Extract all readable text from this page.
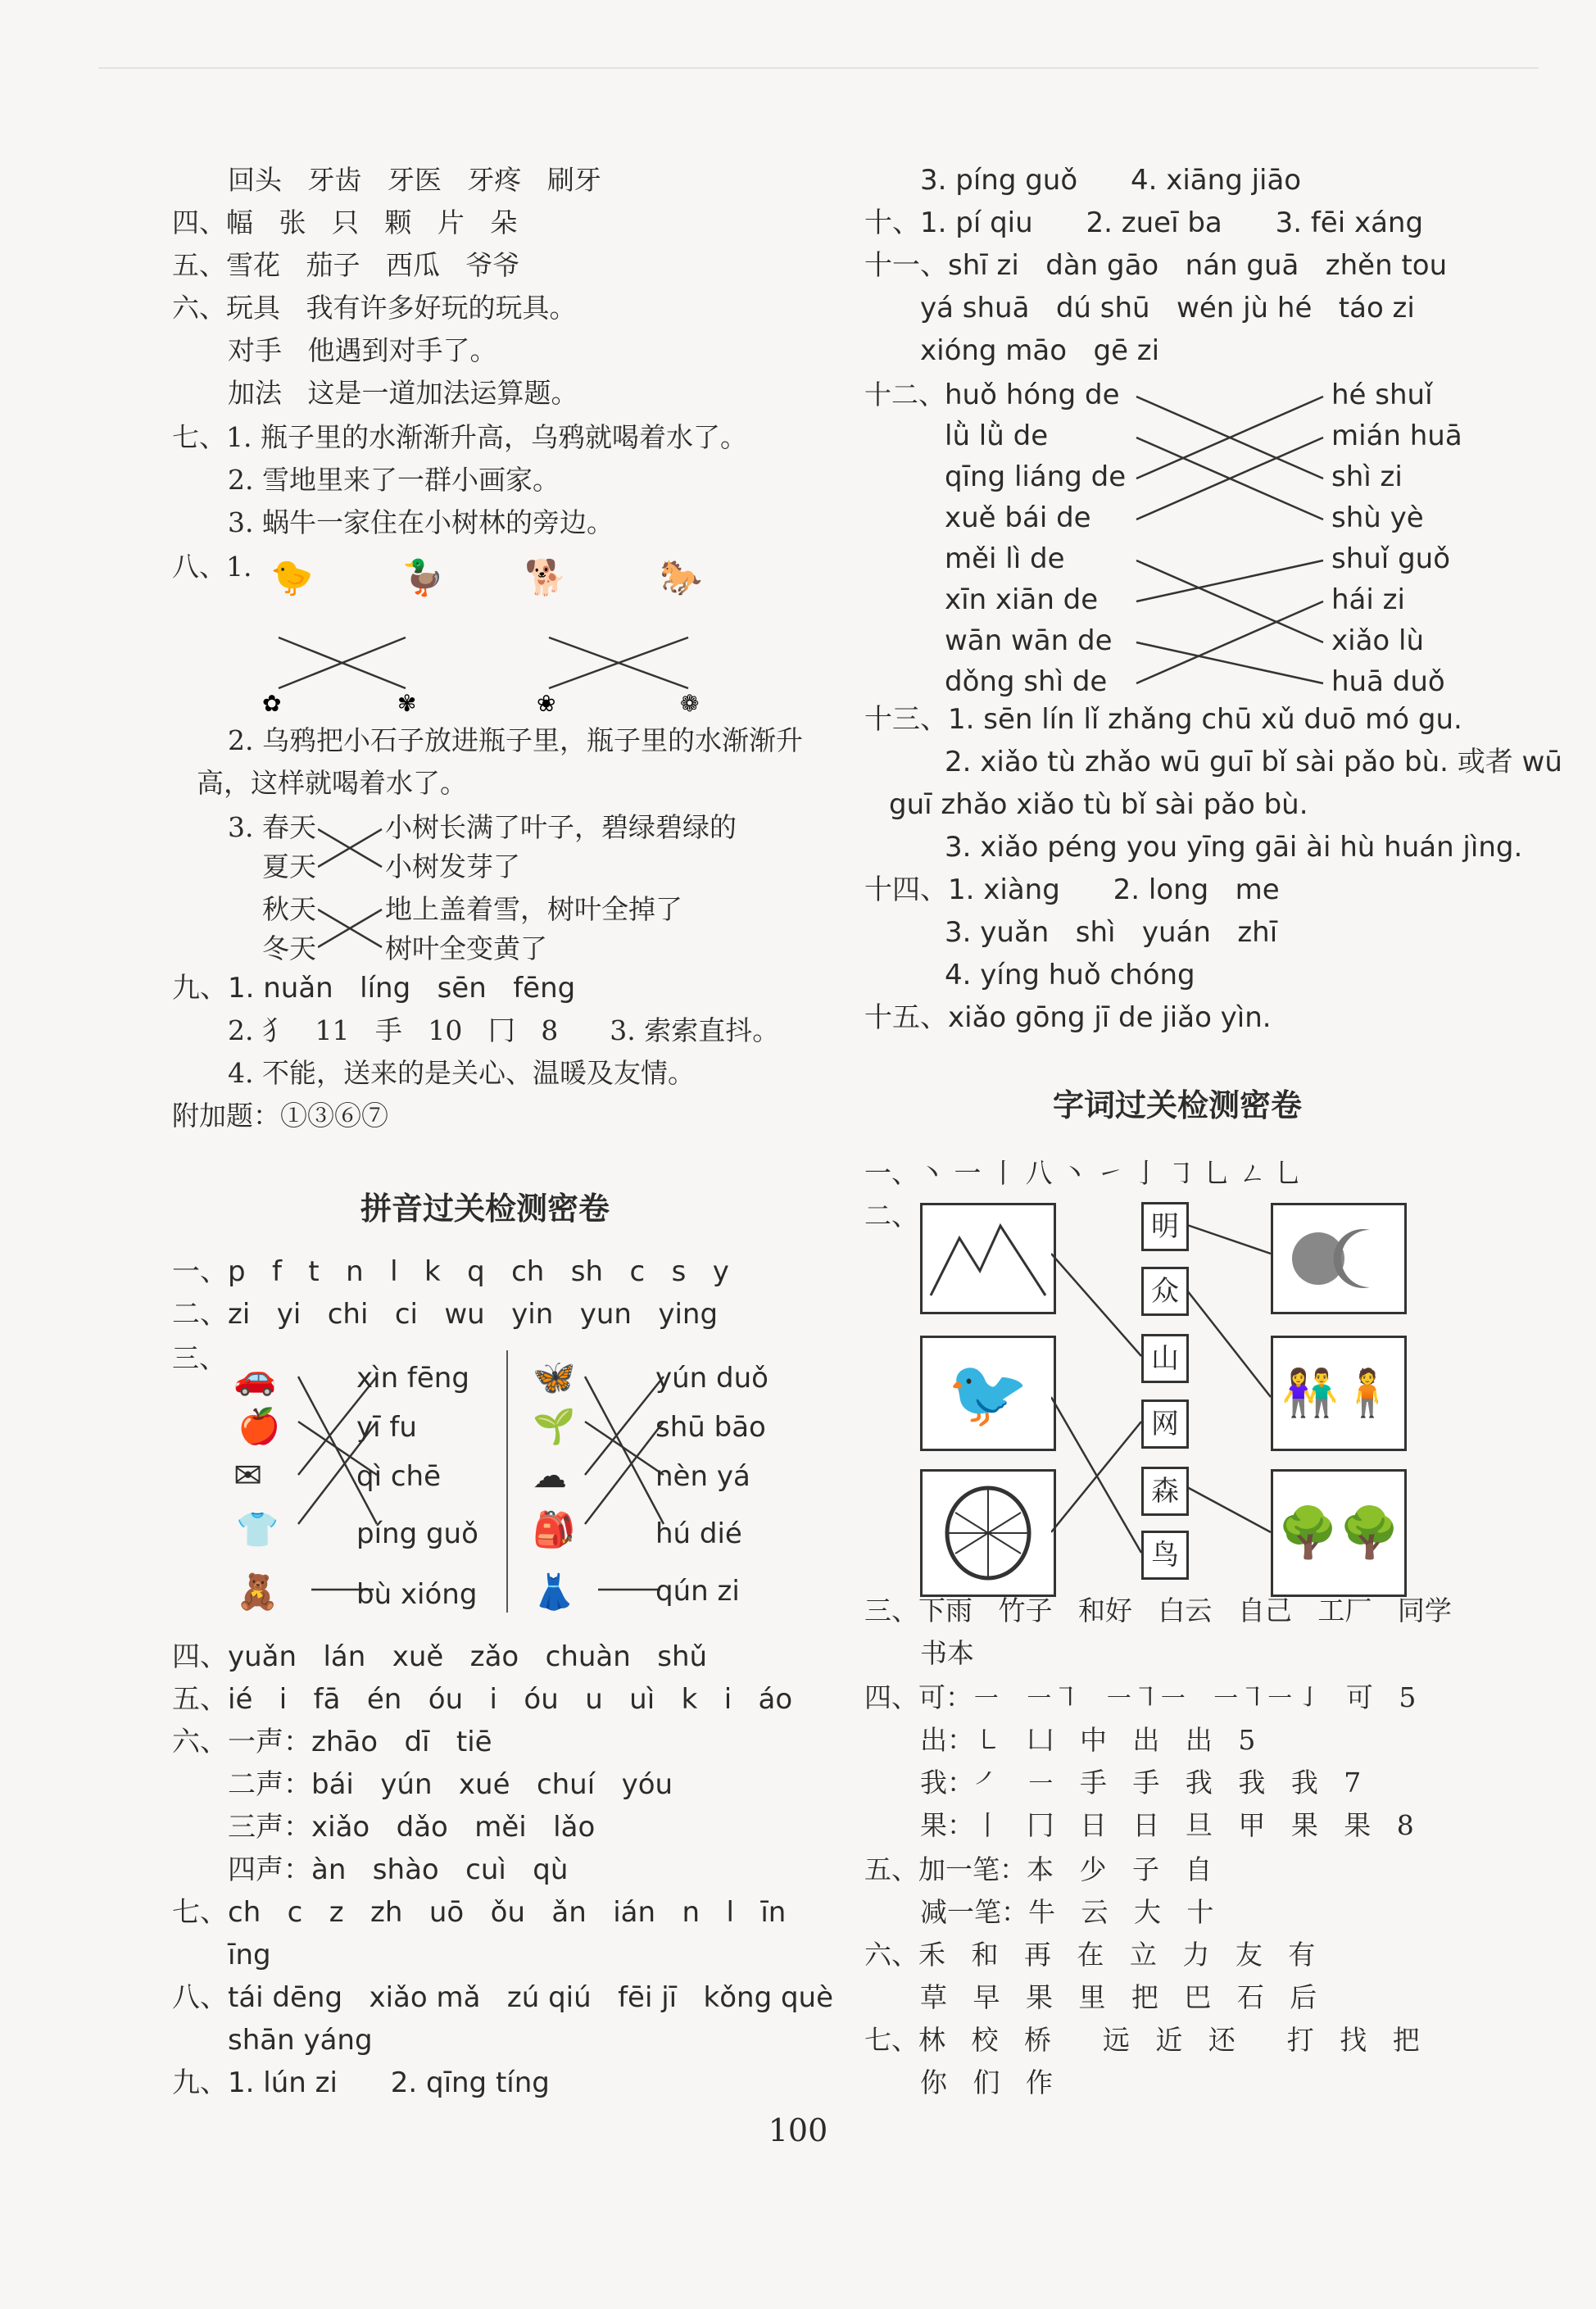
回头   牙齿   牙医   牙疼   刷牙
四、幅   张   只   颗   片   朵
五、雪花   茄子   西瓜   爷爷
六、玩具   我有许多好玩的玩具。
对手   他遇到对手了。
加法   这是一道加法运算题。
七、1. 瓶子里的水渐渐升高，乌鸦就喝着水了。
2. 雪地里来了一群小画家。
3. 蜗牛一家住在小树林的旁边。
八、1. 🐤	🦆 🐕	🐎
✿	✾	❀	❁
2. 乌鸦把小石子放进瓶子里，瓶子里的水渐渐升
高，这样就喝着水了。
3. 春天
夏天
秋天
冬天
小树长满了叶子，碧绿碧绿的
小树发芽了
地上盖着雪，树叶全掉了
树叶全变黄了
九、1. nuǎn   líng   sēn   fēng
2. 犭   11   手   10   冂   8      3. 索索直抖。
4. 不能，送来的是关心、温暖及友情。
附加题：①③⑥⑦
拼音过关检测密卷
一、p   f   t   n   l   k   q   ch   sh   c   s   y
二、zi   yi   chi   ci   wu   yin   yun   ying
三、 🚗
🍎
✉
👕
🧸
xìn fēng
yī fu
qì chē
píng guǒ
bù xióng
🦋
🌱
☁
🎒
👗
yún duǒ
shū bāo
nèn yá
hú dié
qún zi
四、yuǎn   lán   xuě   zǎo   chuàn   shǔ
五、ié   i   fā   én   óu   i   óu   u   uì   k   i   áo
六、一声：zhāo   dī   tiē
二声：bái   yún   xué   chuí   yóu
三声：xiǎo   dǎo   měi   lǎo
四声：àn   shào   cuì   qù
七、ch   c   z   zh   uō   ǒu   ǎn   ián   n   l   īn
īng
八、tái dēng   xiǎo mǎ   zú qiú   fēi jī   kǒng què
shān yáng
九、1. lún zi      2. qīng tíng
3. píng guǒ      4. xiāng jiāo
十、1. pí qiu      2. zueī ba      3. fēi xáng
十一、shī zi   dàn gāo   nán guā   zhěn tou
yá shuā   dú shū   wén jù hé   táo zi
xióng māo   gē zi
十二、 huǒ hóng de
lǜ lǜ de
qīng liáng de
xuě bái de
měi lì de
xīn xiān de
wān wān de
dǒng shì de
hé shuǐ
mián huā
shì zi
shù yè
shuǐ guǒ
hái zi
xiǎo lù
huā duǒ
十三、1. sēn lín lǐ zhǎng chū xǔ duō mó gu.
2. xiǎo tù zhǎo wū guī bǐ sài pǎo bù. 或者 wū
guī zhǎo xiǎo tù bǐ sài pǎo bù.
3. xiǎo péng you yīng gāi ài hù huán jìng.
十四、1. xiàng      2. long   me
3. yuǎn   shì   yuán   zhī
4. yíng huǒ chóng
十五、xiǎo gōng jī de jiǎo yìn.
字词过关检测密卷
一、丶 一 丨 八 丶 ㇀ 亅 ㇆ 乚 ㄥ 乚
二、
🐦
明
众
山
网
森
鸟
👫🧍
🌳🌳
三、下雨   竹子   和好   白云   自己   工厂   同学
书本
四、可：㇐   ㇐㇕   ㇐㇕㇐   ㇐㇕㇐㇚   可   5
出：㇄   凵   中   出   出   5
我：㇒   ㇐   手   手   我   我   我   7
果：丨   冂   日   日   旦   甲   果   果   8
五、加一笔：本   少   子   自
减一笔：牛   云   大   十
六、禾   和   再   在   立   力   友   有
草   早   果   里   把   巴   石   后
七、林   校   桥      远   近   还      打   找   把
你   们   作
100
